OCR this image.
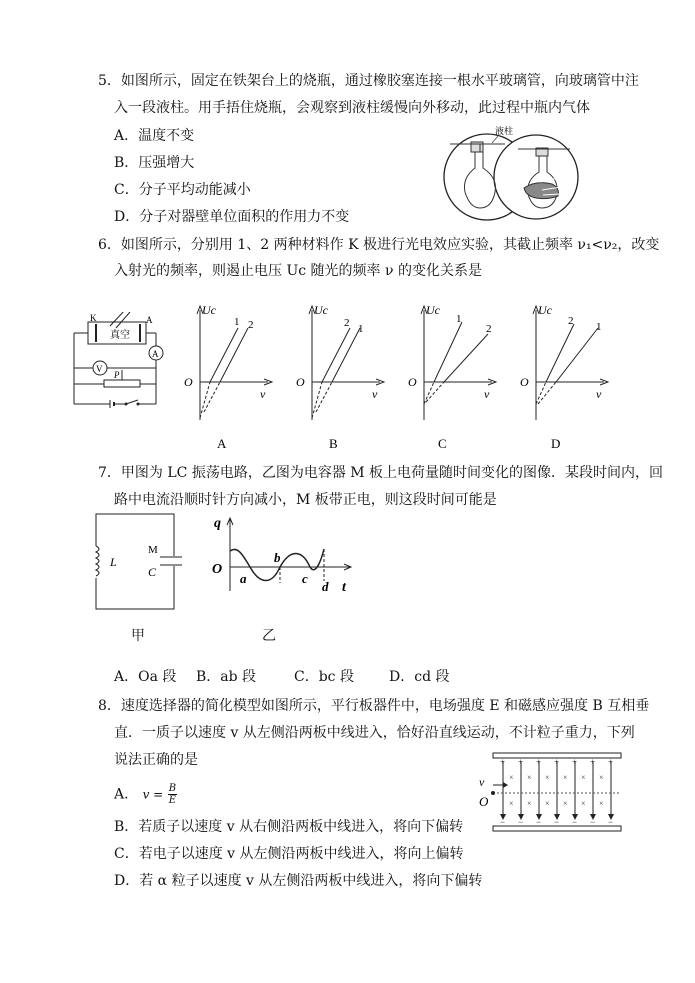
5．如图所示，固定在铁架台上的烧瓶，通过橡胶塞连接一根水平玻璃管，向玻璃管中注
入一段液柱。用手捂住烧瓶，会观察到液柱缓慢向外移动，此过程中瓶内气体
A．温度不变
B．压强增大
C．分子平均动能减小
D．分子对器壁单位面积的作用力不变
液柱
6．如图所示，分别用 1、2 两种材料作 K 极进行光电效应实验，其截止频率 ν₁<ν₂，改变
入射光的频率，则遏止电压 Uc 随光的频率 ν 的变化关系是
K	A
真空
A
V
P
Uc
ν
O
1 2
A
Uc
ν
O
1
2
B
Uc
ν
O
1
2
C
Uc
ν
O
1
2
D
7．甲图为 LC 振荡电路，乙图为电容器 M 板上电荷量随时间变化的图像．某段时间内，回
路中电流沿顺时针方向减小，M 板带正电，则这段时间可能是
L
M
C
q
O
a
b
c
d t
甲	乙
A．Oa 段 B．ab 段	C．bc 段	D．cd 段
8．速度选择器的简化模型如图所示，平行板器件中，电场强度 E 和磁感应强度 B 互相垂
直．一质子以速度 v 从左侧沿两板中线进入，恰好沿直线运动，不计粒子重力，下列
说法正确的是
A． $v = \frac{B}{E}$
B．若质子以速度 v 从右侧沿两板中线进入，将向下偏转
C．若电子以速度 v 从左侧沿两板中线进入，将向上偏转
D．若 α 粒子以速度 v 从左侧沿两板中线进入，将向下偏转
+ + + + + + +
− − − − − − −
× × × × × ×
× × × × × ×
v
O
